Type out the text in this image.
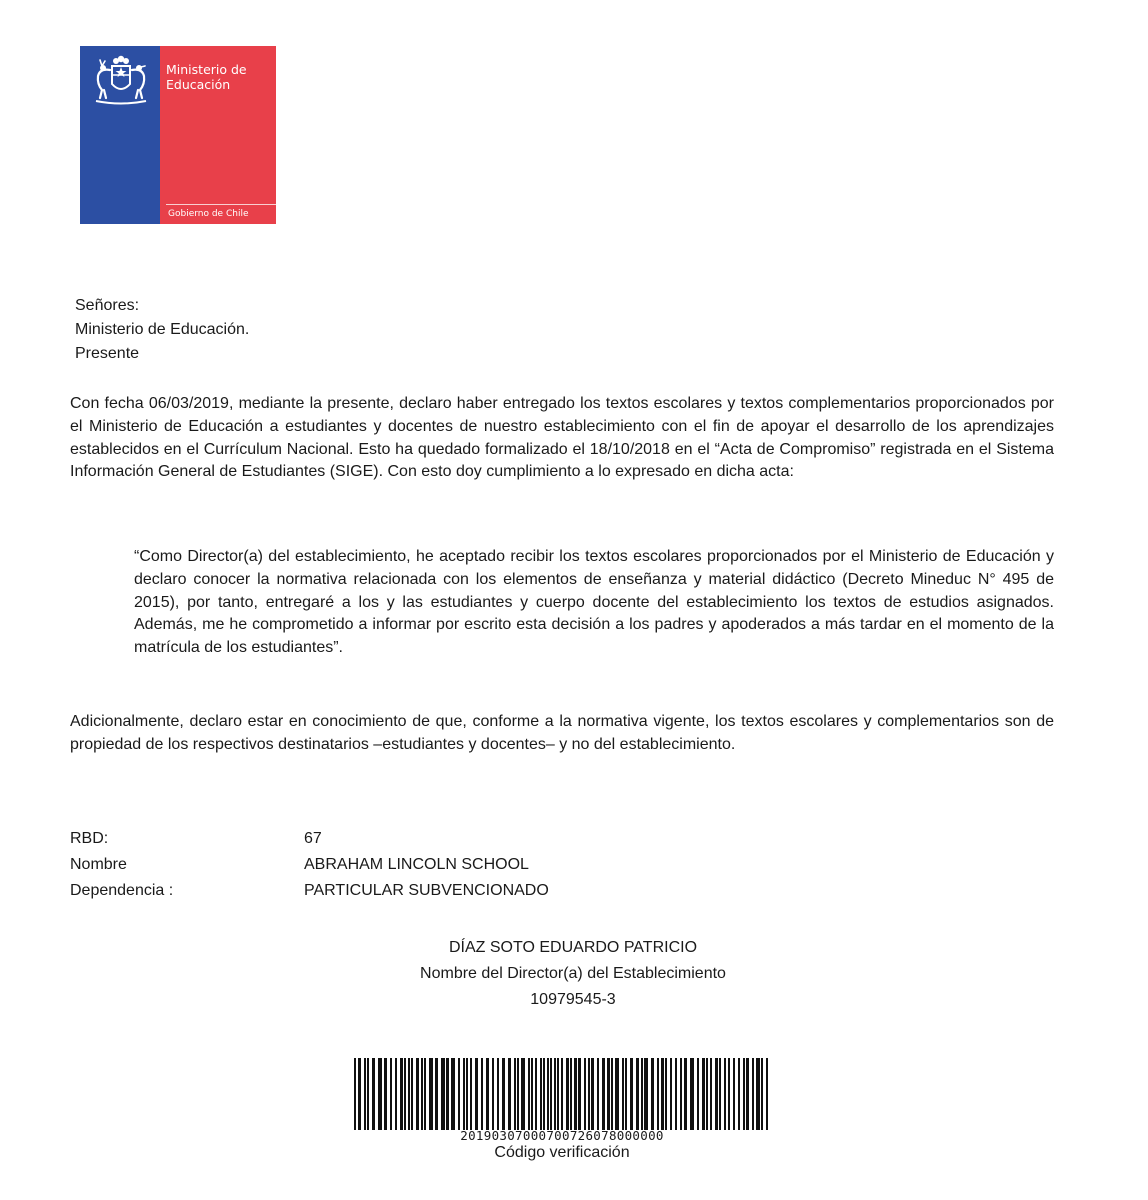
Ministerio de
Educación
Gobierno de Chile
Señores:
Ministerio de Educación.
Presente
Con fecha 06/03/2019, mediante la presente, declaro haber entregado los textos escolares y textos complementarios proporcionados por el Ministerio de Educación a estudiantes y docentes de nuestro establecimiento con el fin de apoyar el desarrollo de los aprendizajes establecidos en el Currículum Nacional. Esto ha quedado formalizado el 18/10/2018 en el “Acta de Compromiso” registrada en el Sistema Información General de Estudiantes (SIGE). Con esto doy cumplimiento a lo expresado en dicha acta:
“Como Director(a) del establecimiento, he aceptado recibir los textos escolares proporcionados por el Ministerio de Educación y declaro conocer la normativa relacionada con los elementos de enseñanza y material didáctico (Decreto Mineduc N° 495 de 2015), por tanto, entregaré a los y las estudiantes y cuerpo docente del establecimiento los textos de estudios asignados. Además, me he comprometido a informar por escrito esta decisión a los padres y apoderados a más tardar en el momento de la matrícula de los estudiantes”.
Adicionalmente, declaro estar en conocimiento de que, conforme a la normativa vigente, los textos escolares y complementarios son de propiedad de los respectivos destinatarios –estudiantes y docentes– y no del establecimiento.
RBD:	67
Nombre	ABRAHAM LINCOLN SCHOOL
Dependencia :	PARTICULAR SUBVENCIONADO
DÍAZ SOTO EDUARDO PATRICIO
Nombre del Director(a) del Establecimiento
10979545-3
20190307000700726078000000
Código verificación
